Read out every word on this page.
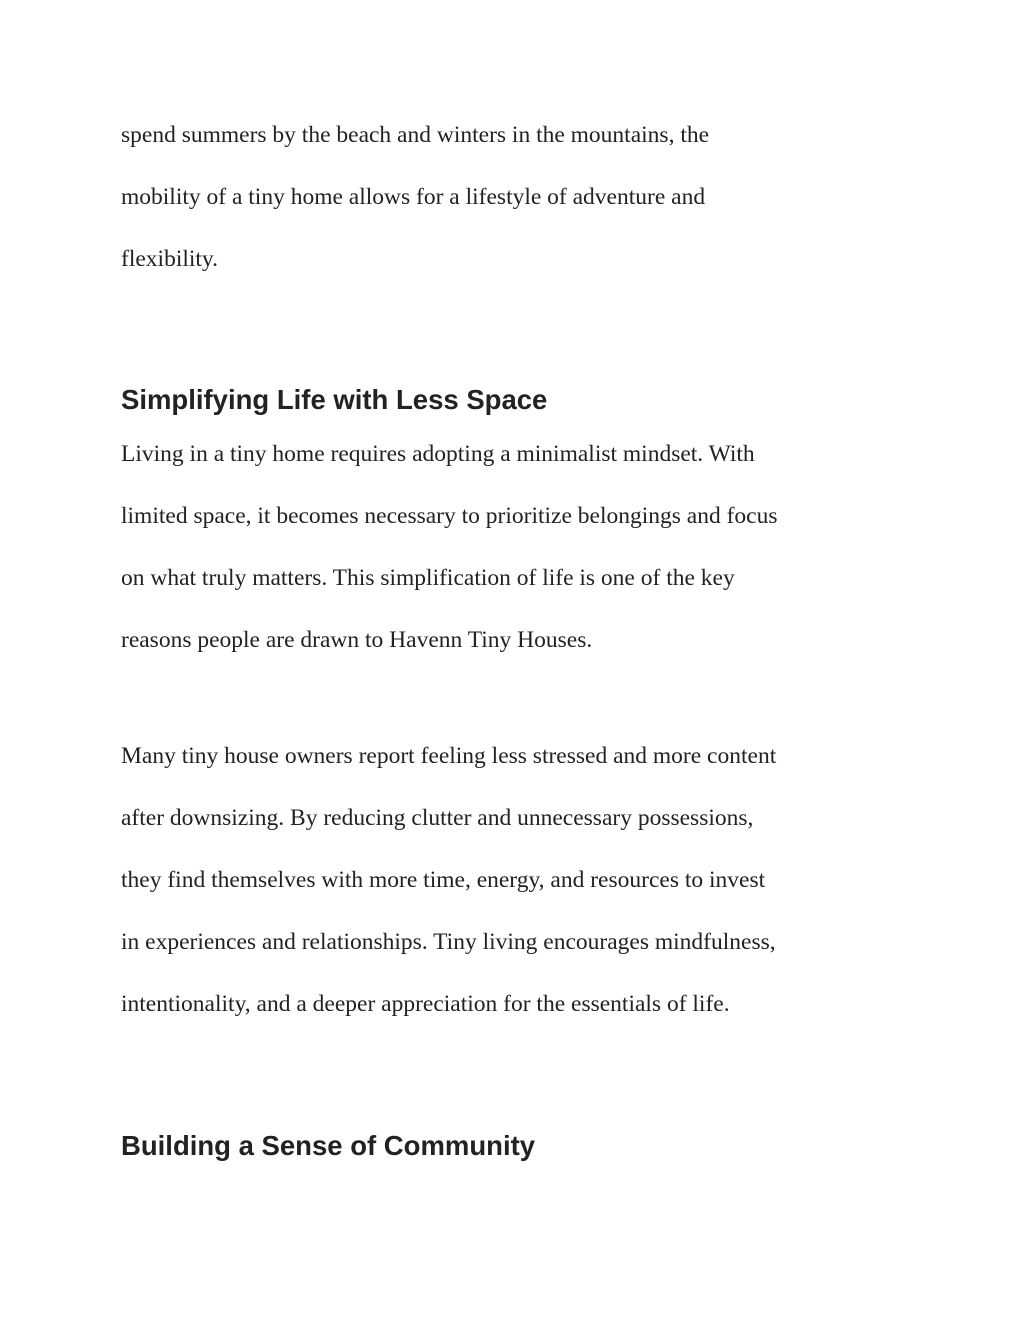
spend summers by the beach and winters in the mountains, the
mobility of a tiny home allows for a lifestyle of adventure and
flexibility.
Simplifying Life with Less Space
Living in a tiny home requires adopting a minimalist mindset. With
limited space, it becomes necessary to prioritize belongings and focus
on what truly matters. This simplification of life is one of the key
reasons people are drawn to Havenn Tiny Houses.
Many tiny house owners report feeling less stressed and more content
after downsizing. By reducing clutter and unnecessary possessions,
they find themselves with more time, energy, and resources to invest
in experiences and relationships. Tiny living encourages mindfulness,
intentionality, and a deeper appreciation for the essentials of life.
Building a Sense of Community
